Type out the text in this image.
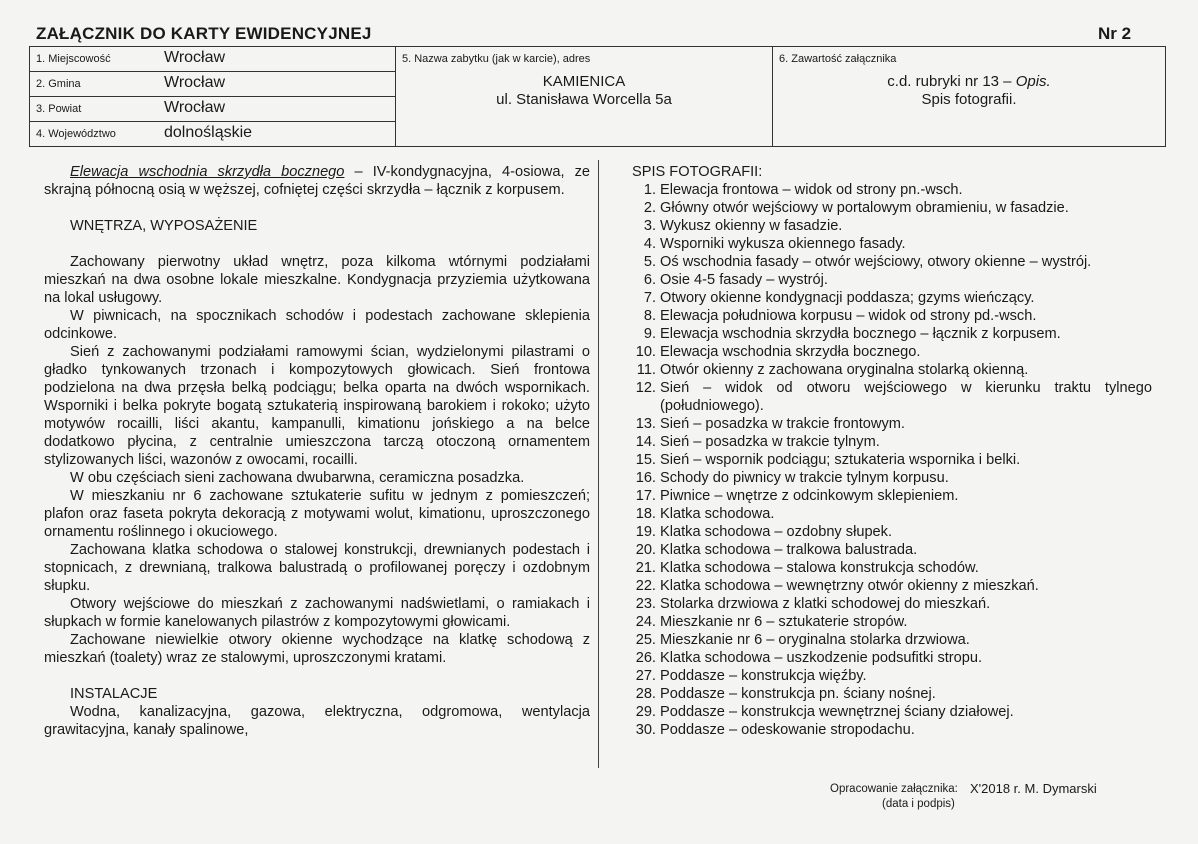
ZAŁĄCZNIK DO KARTY EWIDENCYJNEJ	Nr 2
1. Miejscowość	Wrocław
2. Gmina	Wrocław
3. Powiat	Wrocław
4. Województwo	dolnośląskie
5. Nazwa zabytku (jak w karcie), adres
KAMIENICA
ul. Stanisława Worcella 5a
6. Zawartość załącznika
c.d. rubryki nr 13 – Opis.
Spis fotografii.

Elewacja wschodnia skrzydła bocznego – IV-kondygnacyjna, 4-osiowa, ze skrajną północną osią w węższej, cofniętej części skrzydła – łącznik z korpusem.

WNĘTRZA, WYPOSAŻENIE

Zachowany pierwotny układ wnętrz, poza kilkoma wtórnymi podziałami mieszkań na dwa osobne lokale mieszkalne. Kondygnacja przyziemia użytkowana na lokal usługowy.

W piwnicach, na spocznikach schodów i podestach zachowane sklepienia odcinkowe.

Sień z zachowanymi podziałami ramowymi ścian, wydzielonymi pilastrami o gładko tynkowanych trzonach i kompozytowych głowicach. Sień frontowa podzielona na dwa przęsła belką podciągu; belka oparta na dwóch wspornikach. Wsporniki i belka pokryte bogatą sztukaterią inspirowaną barokiem i rokoko; użyto motywów rocailli, liści akantu, kampanulli, kimationu jońskiego a na belce dodatkowo płycina, z centralnie umieszczona tarczą otoczoną ornamentem stylizowanych liści, wazonów z owocami, rocailli.

W obu częściach sieni zachowana dwubarwna, ceramiczna posadzka.

W mieszkaniu nr 6 zachowane sztukaterie sufitu w jednym z pomieszczeń; plafon oraz faseta pokryta dekoracją z motywami wolut, kimationu, uproszczonego ornamentu roślinnego i okuciowego.

Zachowana klatka schodowa o stalowej konstrukcji, drewnianych podestach i stopnicach, z drewnianą, tralkowa balustradą o profilowanej poręczy i ozdobnym słupku.

Otwory wejściowe do mieszkań z zachowanymi nadświetlami, o ramiakach i słupkach w formie kanelowanych pilastrów z kompozytowymi głowicami.

Zachowane niewielkie otwory okienne wychodzące na klatkę schodową z mieszkań (toalety) wraz ze stalowymi, uproszczonymi kratami.

INSTALACJE

Wodna, kanalizacyjna, gazowa, elektryczna, odgromowa, wentylacja grawitacyjna, kanały spalinowe,

SPIS FOTOGRAFII:
1. Elewacja frontowa – widok od strony pn.-wsch.
2. Główny otwór wejściowy w portalowym obramieniu, w fasadzie.
3. Wykusz okienny w fasadzie.
4. Wsporniki wykusza okiennego fasady.
5. Oś wschodnia fasady – otwór wejściowy, otwory okienne – wystrój.
6. Osie 4-5 fasady – wystrój.
7. Otwory okienne kondygnacji poddasza; gzyms wieńczący.
8. Elewacja południowa korpusu – widok od strony pd.-wsch.
9. Elewacja wschodnia skrzydła bocznego – łącznik z korpusem.
10. Elewacja wschodnia skrzydła bocznego.
11. Otwór okienny z zachowana oryginalna stolarką okienną.
12. Sień – widok od otworu wejściowego w kierunku traktu tylnego (południowego).
13. Sień – posadzka w trakcie frontowym.
14. Sień – posadzka w trakcie tylnym.
15. Sień – wspornik podciągu; sztukateria wspornika i belki.
16. Schody do piwnicy w trakcie tylnym korpusu.
17. Piwnice – wnętrze z odcinkowym sklepieniem.
18. Klatka schodowa.
19. Klatka schodowa – ozdobny słupek.
20. Klatka schodowa – tralkowa balustrada.
21. Klatka schodowa – stalowa konstrukcja schodów.
22. Klatka schodowa – wewnętrzny otwór okienny z mieszkań.
23. Stolarka drzwiowa z klatki schodowej do mieszkań.
24. Mieszkanie nr 6 – sztukaterie stropów.
25. Mieszkanie nr 6 – oryginalna stolarka drzwiowa.
26. Klatka schodowa – uszkodzenie podsufitki stropu.
27. Poddasze – konstrukcja więźby.
28. Poddasze – konstrukcja pn. ściany nośnej.
29. Poddasze – konstrukcja wewnętrznej ściany działowej.
30. Poddasze – odeskowanie stropodachu.
Opracowanie załącznika: X'2018 r. M. Dymarski
(data i podpis)
